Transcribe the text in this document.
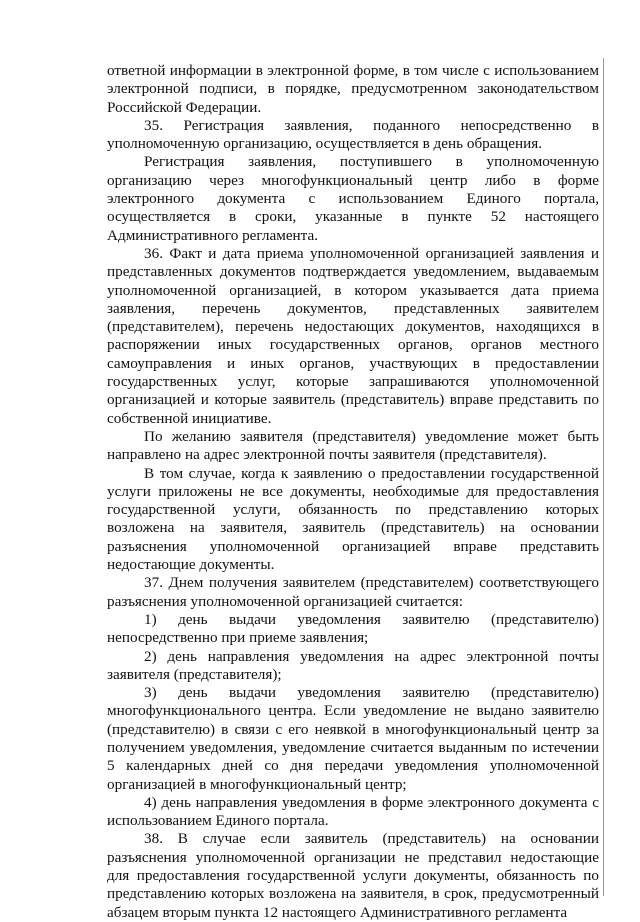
ответной информации в электронной форме, в том числе с использованием электронной подписи, в порядке, предусмотренном законодательством Российской Федерации.

35. Регистрация заявления, поданного непосредственно в уполномоченную организацию, осуществляется в день обращения.

Регистрация заявления, поступившего в уполномоченную организацию через многофункциональный центр либо в форме электронного документа с использованием Единого портала, осуществляется в сроки, указанные в пункте 52 настоящего Административного регламента.

36. Факт и дата приема уполномоченной организацией заявления и представленных документов подтверждается уведомлением, выдаваемым уполномоченной организацией, в котором указывается дата приема заявления, перечень документов, представленных заявителем (представителем), перечень недостающих документов, находящихся в распоряжении иных государственных органов, органов местного самоуправления и иных органов, участвующих в предоставлении государственных услуг, которые запрашиваются уполномоченной организацией и которые заявитель (представитель) вправе представить по собственной инициативе.

По желанию заявителя (представителя) уведомление может быть направлено на адрес электронной почты заявителя (представителя).

В том случае, когда к заявлению о предоставлении государственной услуги приложены не все документы, необходимые для предоставления государственной услуги, обязанность по представлению которых возложена на заявителя, заявитель (представитель) на основании разъяснения уполномоченной организацией вправе представить недостающие документы.

37. Днем получения заявителем (представителем) соответствующего разъяснения уполномоченной организацией считается:

1) день выдачи уведомления заявителю (представителю) непосредственно при приеме заявления;

2) день направления уведомления на адрес электронной почты заявителя (представителя);

3) день выдачи уведомления заявителю (представителю) многофункционального центра. Если уведомление не выдано заявителю (представителю) в связи с его неявкой в многофункциональный центр за получением уведомления, уведомление считается выданным по истечении 5 календарных дней со дня передачи уведомления уполномоченной организацией в многофункциональный центр;

4) день направления уведомления в форме электронного документа с использованием Единого портала.

38. В случае если заявитель (представитель) на основании разъяснения уполномоченной организации не представил недостающие для предоставления государственной услуги документы, обязанность по представлению которых возложена на заявителя, в срок, предусмотренный абзацем вторым пункта 12 настоящего Административного регламента
